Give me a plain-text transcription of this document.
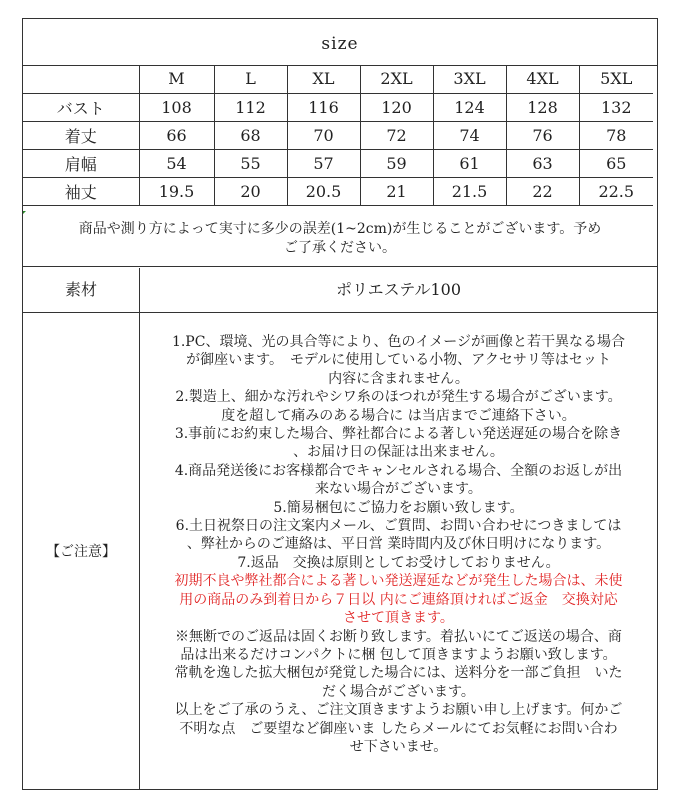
size
	M	L	XL	2XL	3XL	4XL	5XL
バスト	108	112	116	120	124	128	132
着丈	66	68	70	72	74	76	78
肩幅	54	55	57	59	61	63	65
袖丈	19.5	20	20.5	21	21.5	22	22.5
商品や測り方によって実寸に多少の誤差(1~2cm)が生じることがございます。予め
ご了承ください。
素材	ポリエステル100
【ご注意】

1.PC、環境、光の具合等により、色のイメージが画像と若干異なる場合

が御座います。　モデルに使用している小物、アクセサリ等はセット

内容に含まれません。

2.製造上、細かな汚れやシワ糸のほつれが発生する場合がございます。

度を超して痛みのある場合に は当店までご連絡下さい。

3.事前にお約束した場合、弊社都合による著しい発送遅延の場合を除き

、お届け日の保証は出来ません。

4.商品発送後にお客様都合でキャンセルされる場合、全額のお返しが出

来ない場合がございます。

5.簡易梱包にご協力をお願い致します。

6.土日祝祭日の注文案内メール、ご質問、お問い合わせにつきましては

、弊社からのご連絡は、平日営 業時間内及び休日明けになります。

7.返品　交換は原則としてお受けしておりません。

初期不良や弊社都合による著しい発送遅延などが発生した場合は、未使

用の商品のみ到着日から７日以 内にご連絡頂ければご返金　交換対応

させて頂きます。

※無断でのご返品は固くお断り致します。着払いにてご返送の場合、商

品は出来るだけコンパクトに梱 包して頂きますようお願い致します。

常軌を逸した拡大梱包が発覚した場合には、送料分を一部ご負担　いた

だく場合がございます。

以上をご了承のうえ、ご注文頂きますようお願い申し上げます。何かご

不明な点　ご要望など御座いま したらメールにてお気軽にお問い合わ

せ下さいませ。
